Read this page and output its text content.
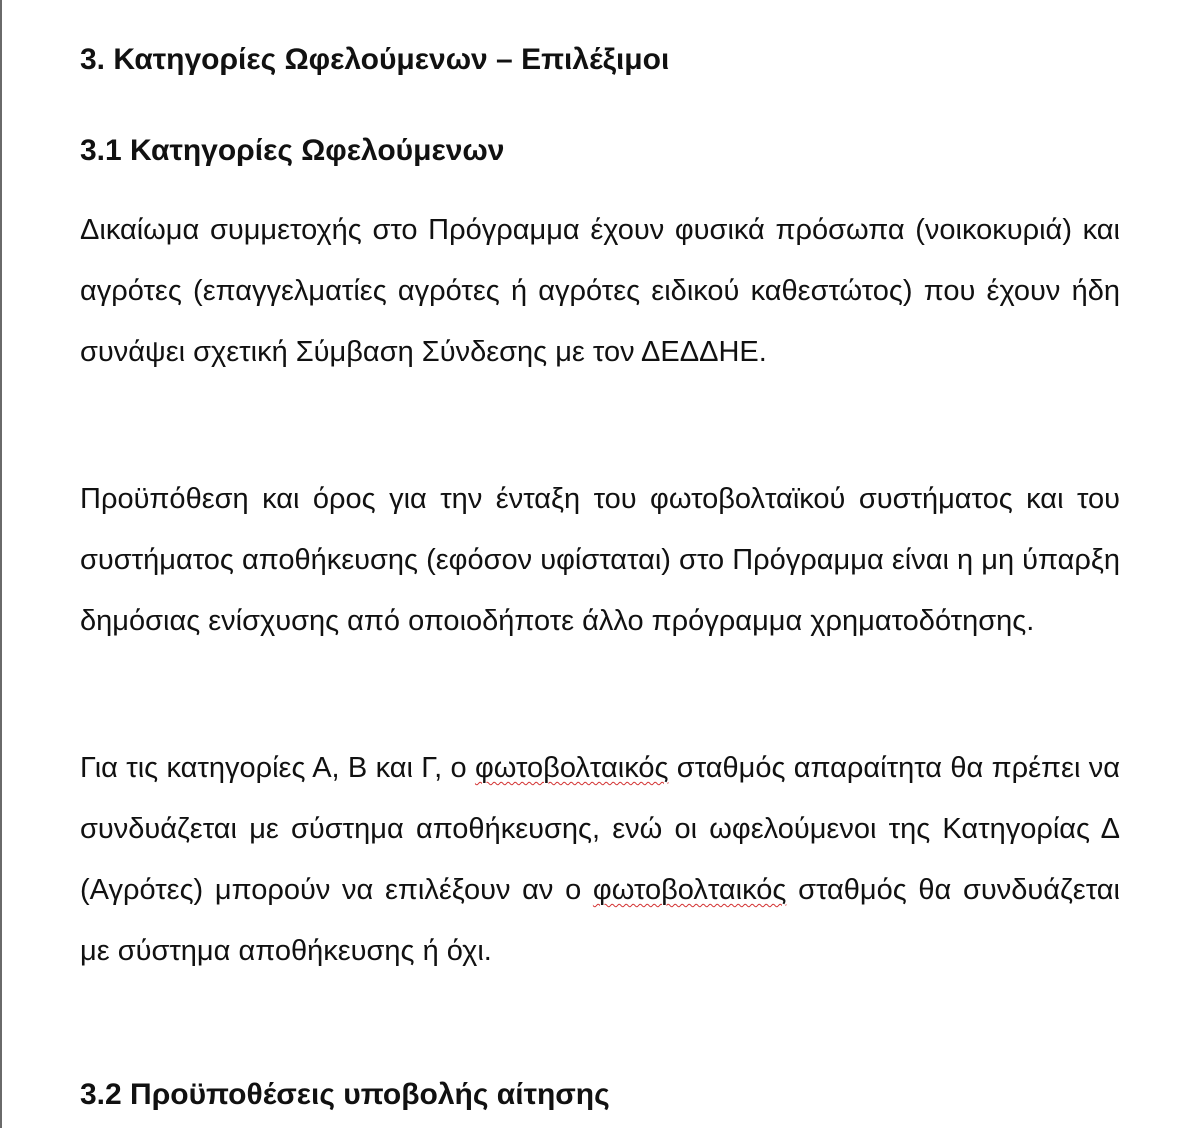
3. Κατηγορίες Ωφελούμενων – Επιλέξιμοι
3.1 Κατηγορίες Ωφελούμενων

Δικαίωμα συμμετοχής στο Πρόγραμμα έχουν φυσικά πρόσωπα (νοικοκυριά) και αγρότες (επαγγελματίες αγρότες ή αγρότες ειδικού καθεστώτος) που έχουν ήδη συνάψει σχετική Σύμβαση Σύνδεσης με τον ΔΕΔΔΗΕ.

Προϋπόθεση και όρος για την ένταξη του φωτοβολταϊκού συστήματος και του συστήματος αποθήκευσης (εφόσον υφίσταται) στο Πρόγραμμα είναι η μη ύπαρξη δημόσιας ενίσχυσης από οποιοδήποτε άλλο πρόγραμμα χρηματοδότησης.

Για τις κατηγορίες Α, Β και Γ, ο φωτοβολταικός σταθμός απαραίτητα θα πρέπει να συνδυάζεται με σύστημα αποθήκευσης, ενώ οι ωφελούμενοι της Κατηγορίας Δ (Αγρότες) μπορούν να επιλέξουν αν ο φωτοβολταικός σταθμός θα συνδυάζεται με σύστημα αποθήκευσης ή όχι.

3.2 Προϋποθέσεις υποβολής αίτησης
